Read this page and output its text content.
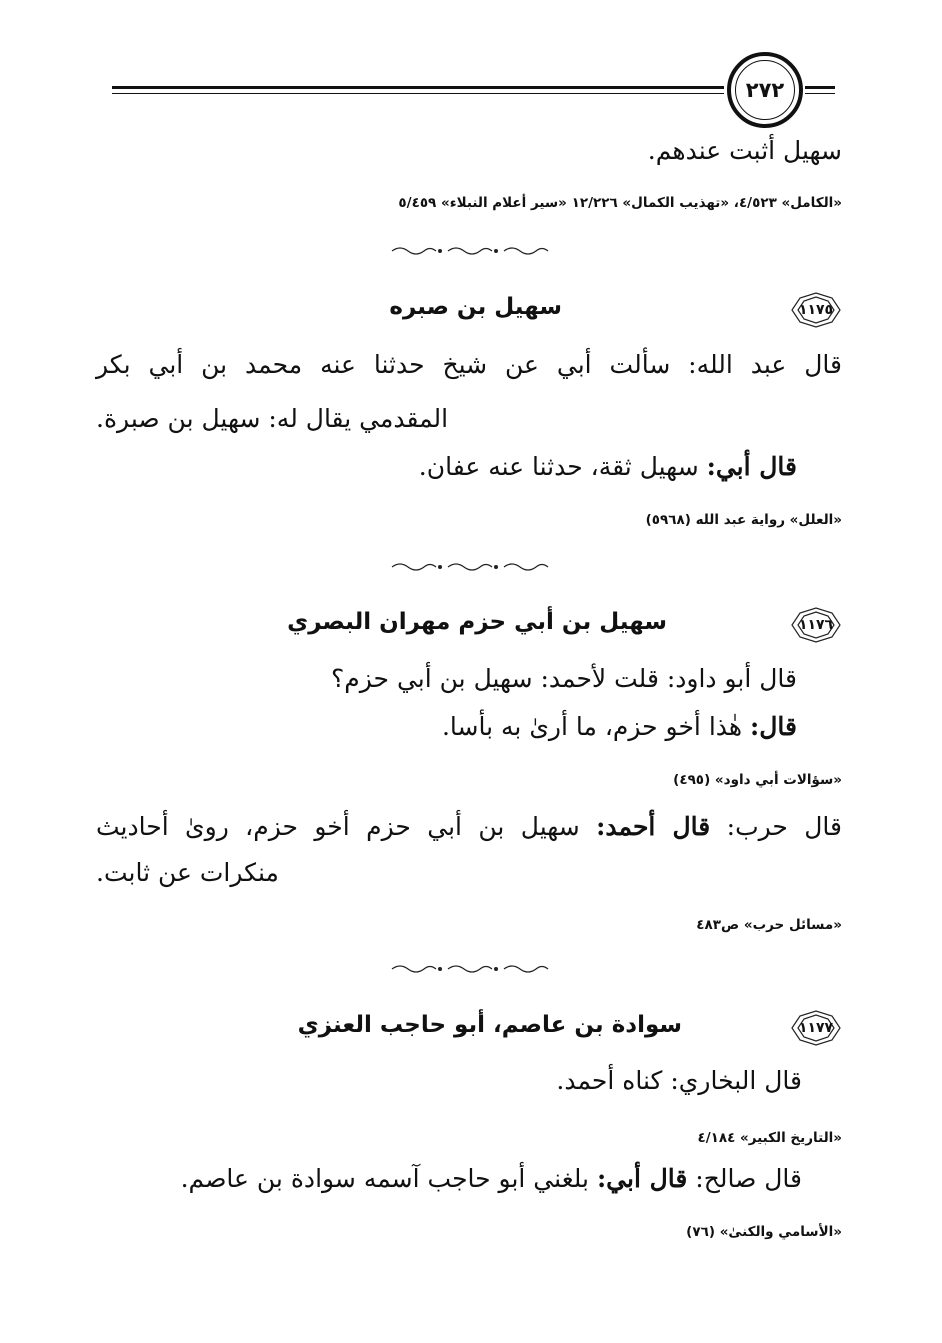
٢٧٢
سهيل أثبت عندهم.
«الكامل» ٤/٥٢٣، «تهذيب الكمال» ١٢/٢٢٦ «سير أعلام النبلاء» ٥/٤٥٩
١١٧٥
سهيل بن صبره
قال عبد الله: سألت أبي عن شيخ حدثنا عنه محمد بن أبي بكر
المقدمي يقال له: سهيل بن صبرة.
قال أبي: سهيل ثقة، حدثنا عنه عفان.
«العلل» رواية عبد الله (٥٩٦٨)
١١٧٦
سهيل بن أبي حزم مهران البصري
قال أبو داود: قلت لأحمد: سهيل بن أبي حزم؟
قال: هٰذا أخو حزم، ما أرىٰ به بأسا.
«سؤالات أبي داود» (٤٩٥)
قال حرب: قال أحمد: سهيل بن أبي حزم أخو حزم، روىٰ أحاديث
منكرات عن ثابت.
«مسائل حرب» ص٤٨٣
١١٧٧
سوادة بن عاصم، أبو حاجب العنزي
قال البخاري: كناه أحمد.
«التاريخ الكبير» ٤/١٨٤
قال صالح: قال أبي: بلغني أبو حاجب آسمه سوادة بن عاصم.
«الأسامي والكنىٰ» (٧٦)
